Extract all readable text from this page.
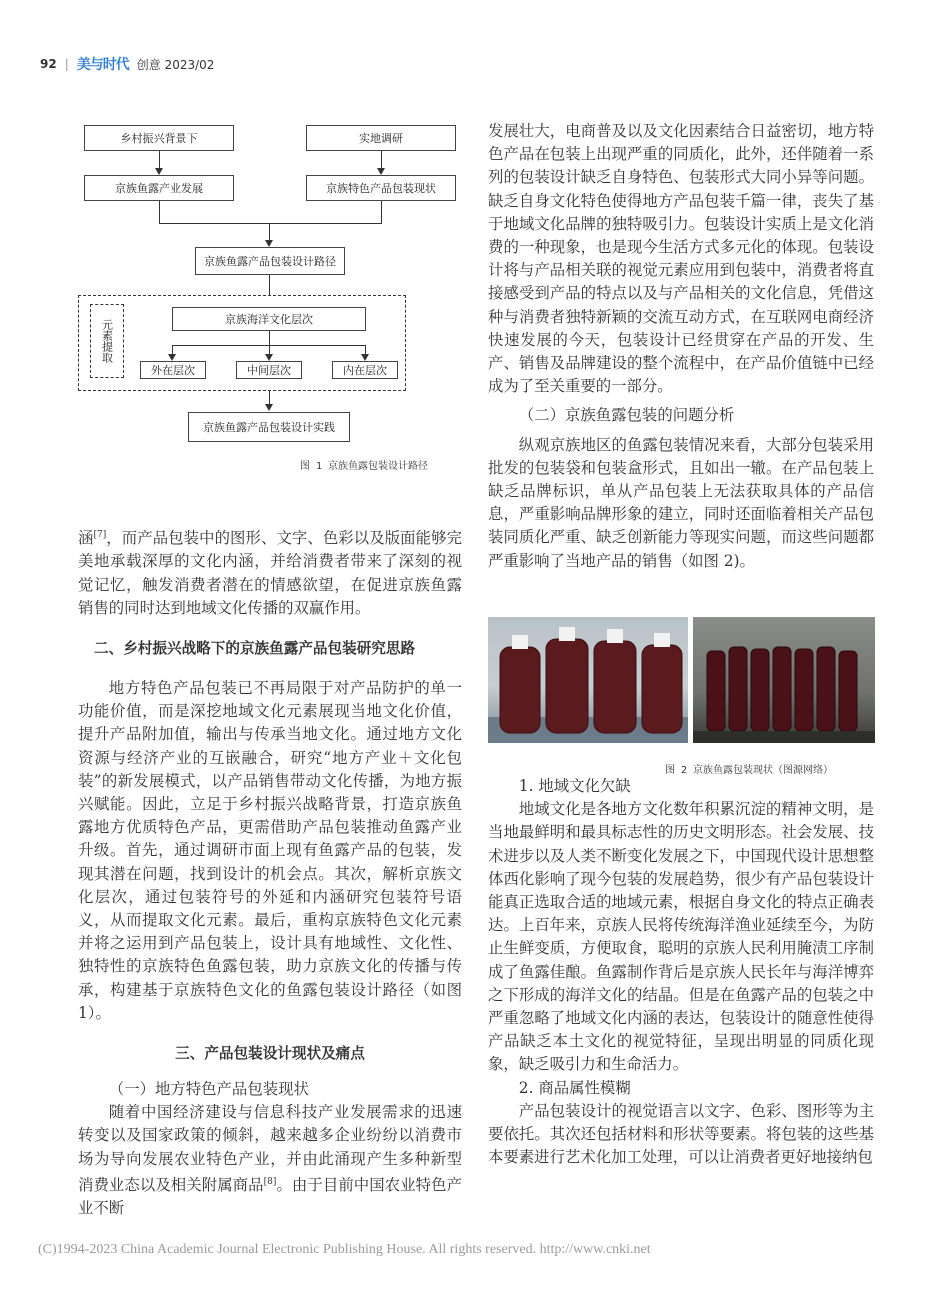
92 | 美与时代 创意 2023/02
乡村振兴背景下	实地调研
京族鱼露产业发展	京族特色产品包装现状
京族鱼露产品包装设计路径
元素提取	京族海洋文化层次
外在层次	中间层次	内在层次
京族鱼露产品包装设计实践
图 1 京族鱼露包装设计路径

涵[7]，而产品包装中的图形、文字、色彩以及版面能够完美地承载深厚的文化内涵，并给消费者带来了深刻的视觉记忆，触发消费者潜在的情感欲望，在促进京族鱼露销售的同时达到地域文化传播的双赢作用。

二、乡村振兴战略下的京族鱼露产品包装研究思路

地方特色产品包装已不再局限于对产品防护的单一功能价值，而是深挖地域文化元素展现当地文化价值，提升产品附加值，输出与传承当地文化。通过地方文化资源与经济产业的互嵌融合，研究“地方产业＋文化包装”的新发展模式，以产品销售带动文化传播，为地方振兴赋能。因此，立足于乡村振兴战略背景，打造京族鱼露地方优质特色产品，更需借助产品包装推动鱼露产业升级。首先，通过调研市面上现有鱼露产品的包装，发现其潜在问题，找到设计的机会点。其次，解析京族文化层次，通过包装符号的外延和内涵研究包装符号语义，从而提取文化元素。最后，重构京族特色文化元素并将之运用到产品包装上，设计具有地域性、文化性、独特性的京族特色鱼露包装，助力京族文化的传播与传承，构建基于京族特色文化的鱼露包装设计路径（如图 1）。

三、产品包装设计现状及痛点

（一）地方特色产品包装现状

随着中国经济建设与信息科技产业发展需求的迅速转变以及国家政策的倾斜，越来越多企业纷纷以消费市场为导向发展农业特色产业，并由此涌现产生多种新型消费业态以及相关附属商品[8]。由于目前中国农业特色产业不断

发展壮大，电商普及以及文化因素结合日益密切，地方特色产品在包装上出现严重的同质化，此外，还伴随着一系列的包装设计缺乏自身特色、包装形式大同小异等问题。缺乏自身文化特色使得地方产品包装千篇一律，丧失了基于地域文化品牌的独特吸引力。包装设计实质上是文化消费的一种现象，也是现今生活方式多元化的体现。包装设计将与产品相关联的视觉元素应用到包装中，消费者将直接感受到产品的特点以及与产品相关的文化信息，凭借这种与消费者独特新颖的交流互动方式，在互联网电商经济快速发展的今天，包装设计已经贯穿在产品的开发、生产、销售及品牌建设的整个流程中，在产品价值链中已经成为了至关重要的一部分。

（二）京族鱼露包装的问题分析

纵观京族地区的鱼露包装情况来看，大部分包装采用批发的包装袋和包装盒形式，且如出一辙。在产品包装上缺乏品牌标识，单从产品包装上无法获取具体的产品信息，严重影响品牌形象的建立，同时还面临着相关产品包装同质化严重、缺乏创新能力等现实问题，而这些问题都严重影响了当地产品的销售（如图 2)。

图 2 京族鱼露包装现状（图源网络）

1. 地域文化欠缺

地域文化是各地方文化数年积累沉淀的精神文明，是当地最鲜明和最具标志性的历史文明形态。社会发展、技术进步以及人类不断变化发展之下，中国现代设计思想整体西化影响了现今包装的发展趋势，很少有产品包装设计能真正选取合适的地域元素，根据自身文化的特点正确表达。上百年来，京族人民将传统海洋渔业延续至今，为防止生鲜变质，方便取食，聪明的京族人民利用腌渍工序制成了鱼露佳酿。鱼露制作背后是京族人民长年与海洋博弈之下形成的海洋文化的结晶。但是在鱼露产品的包装之中严重忽略了地域文化内涵的表达，包装设计的随意性使得产品缺乏本土文化的视觉特征，呈现出明显的同质化现象，缺乏吸引力和生命活力。

2. 商品属性模糊

产品包装设计的视觉语言以文字、色彩、图形等为主要依托。其次还包括材料和形状等要素。将包装的这些基本要素进行艺术化加工处理，可以让消费者更好地接纳包

(C)1994-2023 China Academic Journal Electronic Publishing House. All rights reserved. http://www.cnki.net
